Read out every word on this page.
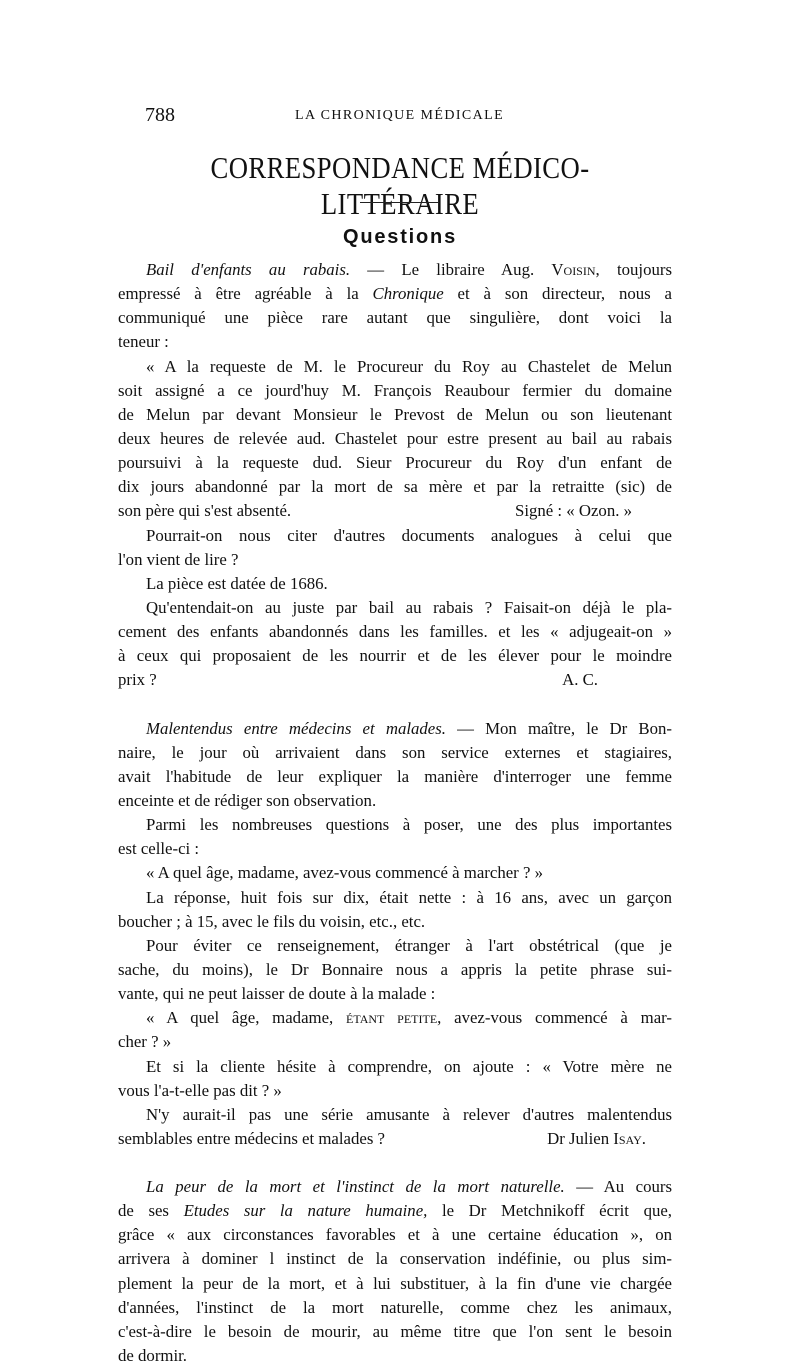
788	LA CHRONIQUE MÉDICALE
CORRESPONDANCE MÉDICO-LITTÉRAIRE
Questions
Bail d'enfants au rabais. — Le libraire Aug. Voisin, toujours
empressé à être agréable à la Chronique et à son directeur, nous a
communiqué une pièce rare autant que singulière, dont voici la
teneur :
« A la requeste de M. le Procureur du Roy au Chastelet de Melun
soit assigné a ce jourd'huy M. François Reaubour fermier du domaine
de Melun par devant Monsieur le Prevost de Melun ou son lieutenant
deux heures de relevée aud. Chastelet pour estre present au bail au rabais
poursuivi à la requeste dud. Sieur Procureur du Roy d'un enfant de
dix jours abandonné par la mort de sa mère et par la retraitte (sic) de
son père qui s'est absenté.	Signé : « Ozon. »
Pourrait-on nous citer d'autres documents analogues à celui que
l'on vient de lire ?
La pièce est datée de 1686.
Qu'entendait-on au juste par bail au rabais ? Faisait-on déjà le pla-
cement des enfants abandonnés dans les familles. et les « adjugeait-on »
à ceux qui proposaient de les nourrir et de les élever pour le moindre
prix ?	A. C.
Malentendus entre médecins et malades. — Mon maître, le Dr Bon-
naire, le jour où arrivaient dans son service externes et stagiaires,
avait l'habitude de leur expliquer la manière d'interroger une femme
enceinte et de rédiger son observation.
Parmi les nombreuses questions à poser, une des plus importantes
est celle-ci :
« A quel âge, madame, avez-vous commencé à marcher ? »
La réponse, huit fois sur dix, était nette : à 16 ans, avec un garçon
boucher ; à 15, avec le fils du voisin, etc., etc.
Pour éviter ce renseignement, étranger à l'art obstétrical (que je
sache, du moins), le Dr Bonnaire nous a appris la petite phrase sui-
vante, qui ne peut laisser de doute à la malade :
« A quel âge, madame, étant petite, avez-vous commencé à mar-
cher ? »
Et si la cliente hésite à comprendre, on ajoute : « Votre mère ne
vous l'a-t-elle pas dit ? »
N'y aurait-il pas une série amusante à relever d'autres malentendus
semblables entre médecins et malades ?	Dr Julien Isay.
La peur de la mort et l'instinct de la mort naturelle. — Au cours
de ses Etudes sur la nature humaine, le Dr Metchnikoff écrit que,
grâce « aux circonstances favorables et à une certaine éducation », on
arrivera à dominer l instinct de la conservation indéfinie, ou plus sim-
plement la peur de la mort, et à lui substituer, à la fin d'une vie chargée
d'années, l'instinct de la mort naturelle, comme chez les animaux,
c'est-à-dire le besoin de mourir, au même titre que l'on sent le besoin
de dormir.
